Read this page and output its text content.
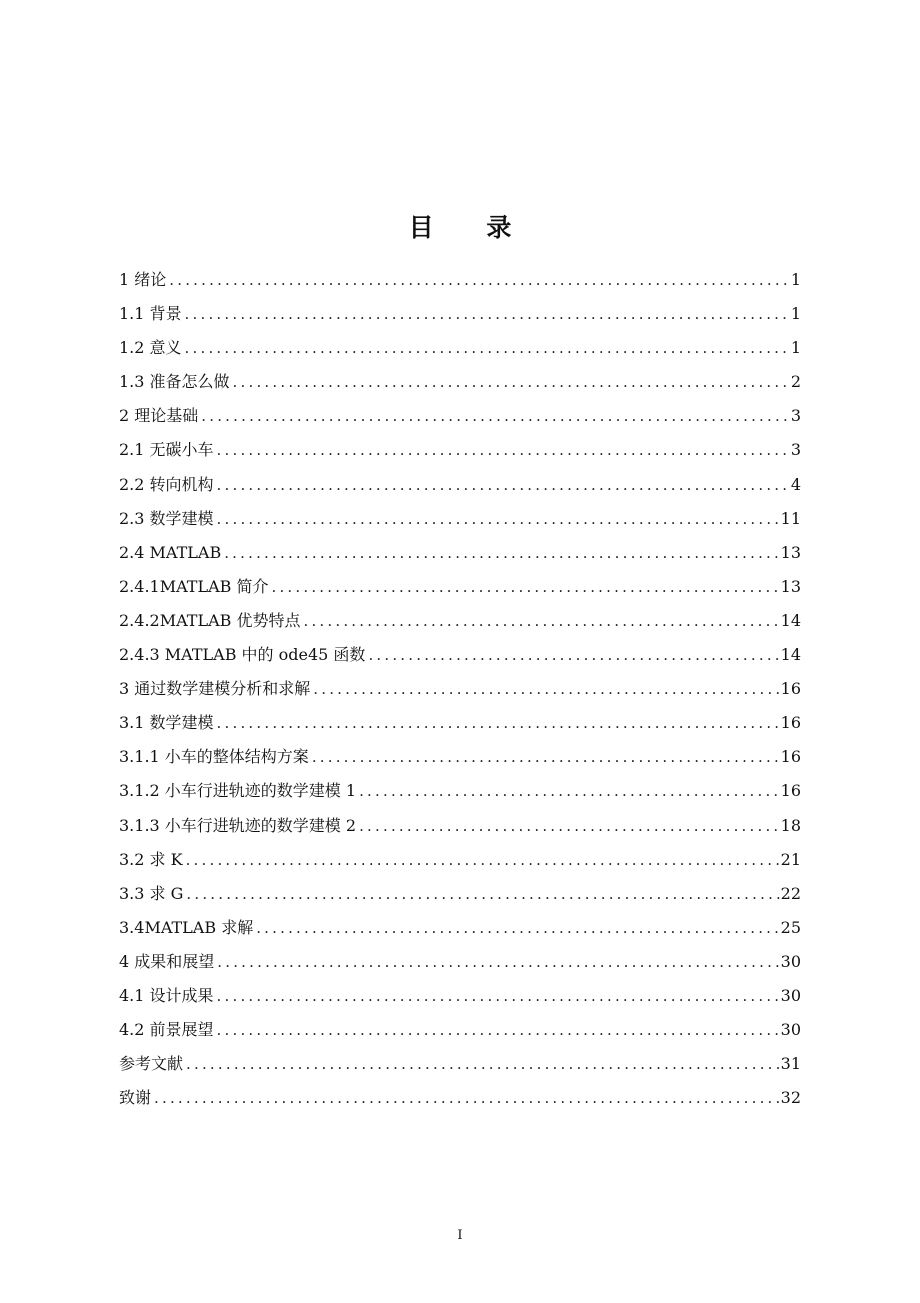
目 录
1 绪论 .....	1
1.1 背景 .....	1
1.2 意义 .....	1
1.3 准备怎么做 .....	2
2 理论基础 .....	3
2.1 无碳小车 .....	3
2.2 转向机构 .....	4
2.3 数学建模 .....	11
2.4 MATLAB .....	13
2.4.1MATLAB 简介 .....	13
2.4.2MATLAB 优势特点 .....	14
2.4.3 MATLAB 中的 ode45 函数 .....	14
3 通过数学建模分析和求解 .....	16
3.1 数学建模 .....	16
3.1.1 小车的整体结构方案 .....	16
3.1.2 小车行进轨迹的数学建模 1 .....	16
3.1.3 小车行进轨迹的数学建模 2 .....	18
3.2 求 K .....	21
3.3 求 G .....	22
3.4MATLAB 求解 .....	25
4 成果和展望 .....	30
4.1 设计成果 .....	30
4.2 前景展望 .....	30
参考文献 .....	31
致谢 .....	32
I
